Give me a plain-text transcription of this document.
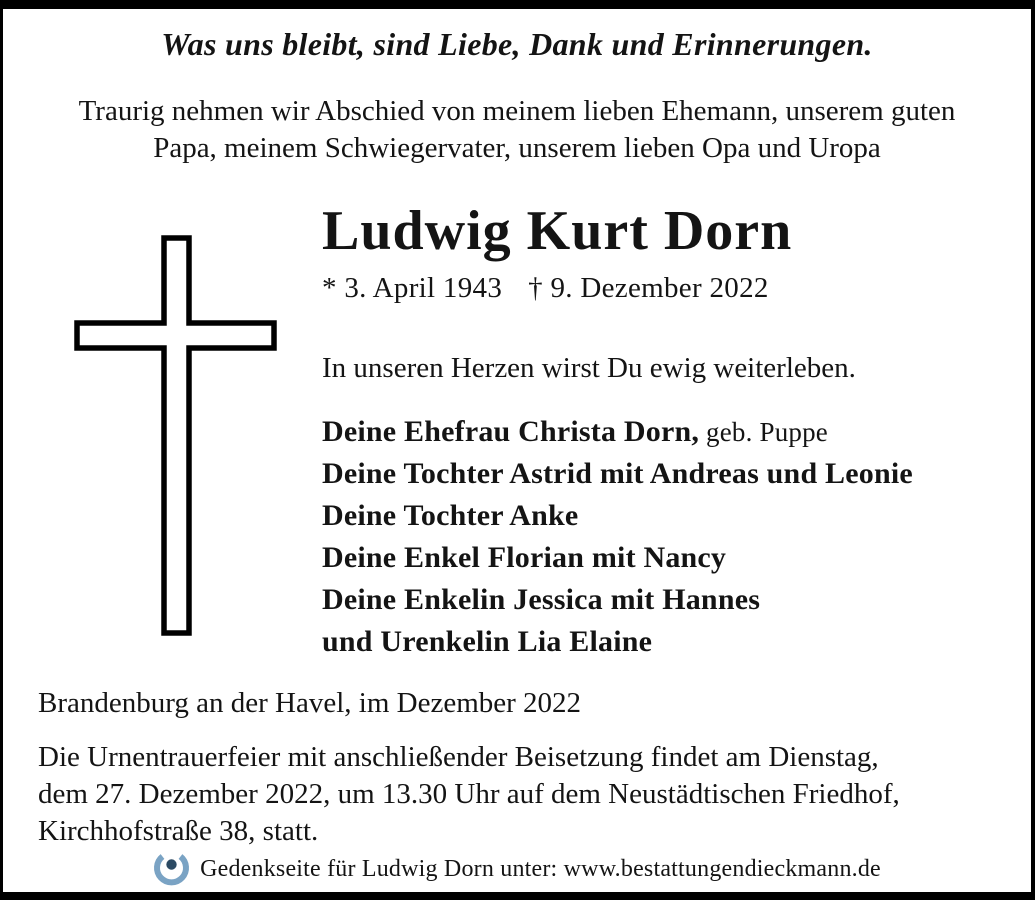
Was uns bleibt, sind Liebe, Dank und Erinnerungen.
Traurig nehmen wir Abschied von meinem lieben Ehemann, unserem guten
Papa, meinem Schwiegervater, unserem lieben Opa und Uropa
Ludwig Kurt Dorn
* 3. April 1943 † 9. Dezember 2022
In unseren Herzen wirst Du ewig weiterleben.
Deine Ehefrau Christa Dorn, geb. Puppe
Deine Tochter Astrid mit Andreas und Leonie
Deine Tochter Anke
Deine Enkel Florian mit Nancy
Deine Enkelin Jessica mit Hannes
und Urenkelin Lia Elaine
Brandenburg an der Havel, im Dezember 2022
Die Urnentrauerfeier mit anschließender Beisetzung findet am Dienstag,
dem 27. Dezember 2022, um 13.30 Uhr auf dem Neustädtischen Friedhof,
Kirchhofstraße 38, statt.
Gedenkseite für Ludwig Dorn unter: www.bestattungendieckmann.de
